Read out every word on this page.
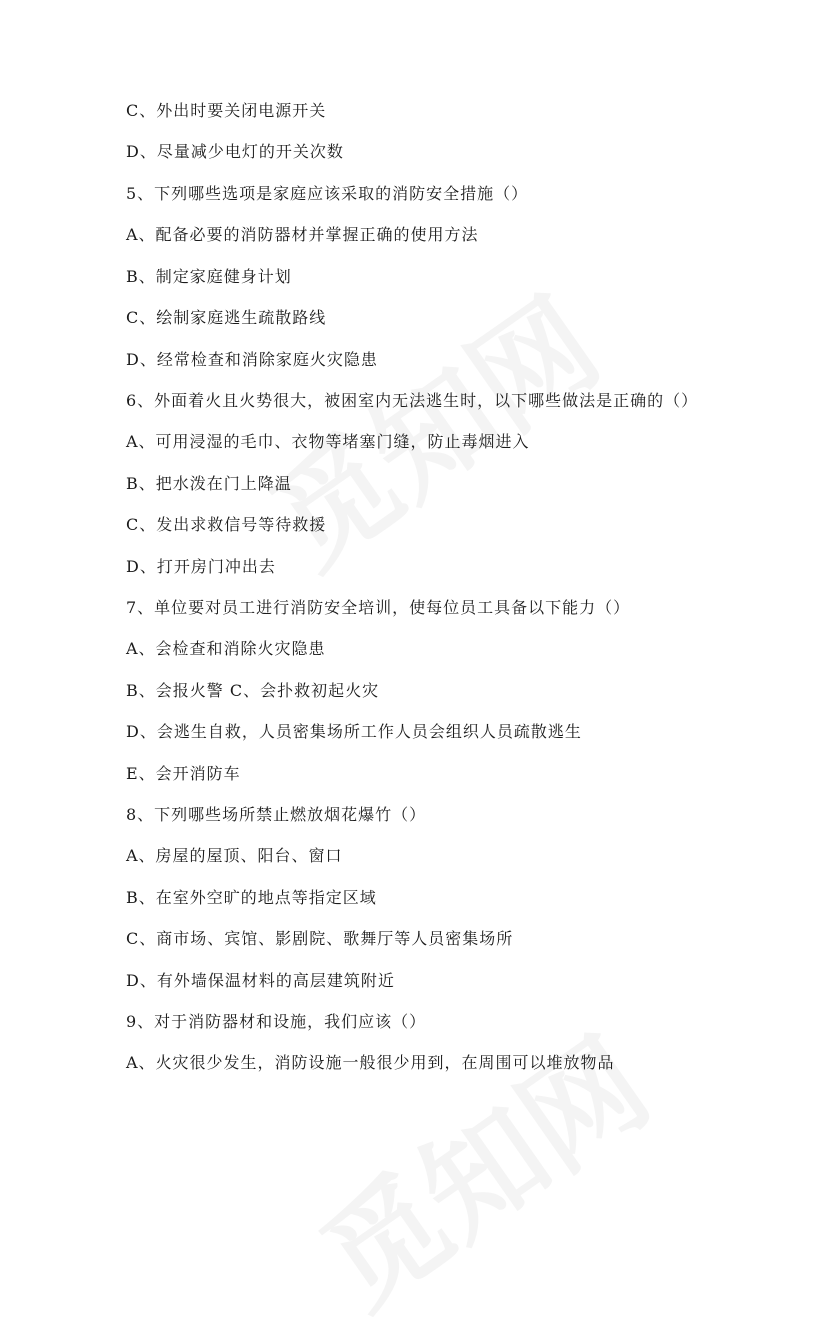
C、外出时要关闭电源开关
D、尽量减少电灯的开关次数
5、下列哪些选项是家庭应该采取的消防安全措施（）
A、配备必要的消防器材并掌握正确的使用方法
B、制定家庭健身计划
C、绘制家庭逃生疏散路线
D、经常检查和消除家庭火灾隐患
6、外面着火且火势很大，被困室内无法逃生时，以下哪些做法是正确的（）
A、可用浸湿的毛巾、衣物等堵塞门缝，防止毒烟进入
B、把水泼在门上降温
C、发出求救信号等待救援
D、打开房门冲出去
7、单位要对员工进行消防安全培训，使每位员工具备以下能力（）
A、会检查和消除火灾隐患
B、会报火警 C、会扑救初起火灾
D、会逃生自救，人员密集场所工作人员会组织人员疏散逃生
E、会开消防车
8、下列哪些场所禁止燃放烟花爆竹（）
A、房屋的屋顶、阳台、窗口
B、在室外空旷的地点等指定区域
C、商市场、宾馆、影剧院、歌舞厅等人员密集场所
D、有外墙保温材料的高层建筑附近
9、对于消防器材和设施，我们应该（）
A、火灾很少发生，消防设施一般很少用到，在周围可以堆放物品
